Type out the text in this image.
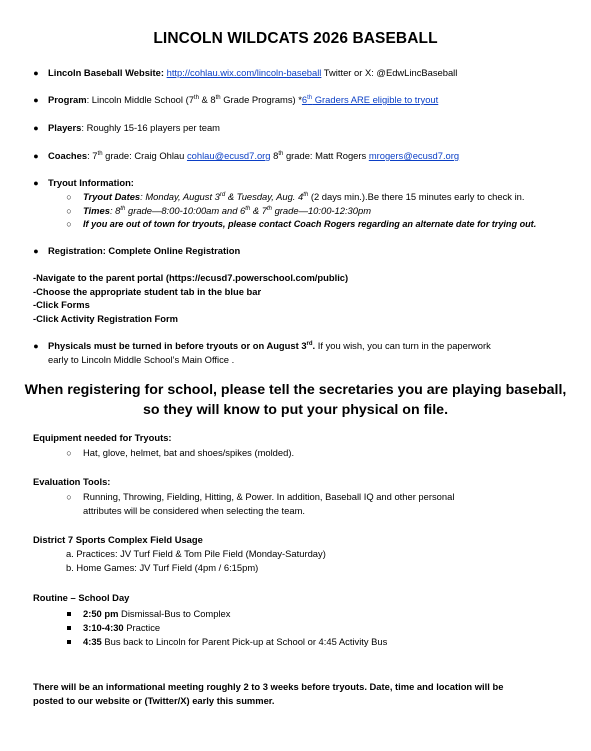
LINCOLN WILDCATS 2026 BASEBALL
● Lincoln Baseball Website: http://cohlau.wix.com/lincoln-baseball Twitter or X: @EdwLincBaseball
● Program: Lincoln Middle School (7th & 8th Grade Programs) *6th Graders ARE eligible to tryout
● Players: Roughly 15-16 players per team
● Coaches: 7th grade: Craig Ohlau cohlau@ecusd7.org 8th grade: Matt Rogers mrogers@ecusd7.org
● Tryout Information:
○ Tryout Dates: Monday, August 3rd & Tuesday, Aug. 4th (2 days min.).Be there 15 minutes early to check in.
○ Times: 8th grade—8:00-10:00am and 6th & 7th grade—10:00-12:30pm
○ If you are out of town for tryouts, please contact Coach Rogers regarding an alternate date for trying out.
● Registration: Complete Online Registration
-Navigate to the parent portal (https://ecusd7.powerschool.com/public)
-Choose the appropriate student tab in the blue bar
-Click Forms
-Click Activity Registration Form
● Physicals must be turned in before tryouts or on August 3rd. If you wish, you can turn in the paperwork
early to Lincoln Middle School’s Main Office .
When registering for school, please tell the secretaries you are playing baseball,
so they will know to put your physical on file.
Equipment needed for Tryouts:
○ Hat, glove, helmet, bat and shoes/spikes (molded).
Evaluation Tools:
○ Running, Throwing, Fielding, Hitting, & Power. In addition, Baseball IQ and other personal
attributes will be considered when selecting the team.
District 7 Sports Complex Field Usage
a. Practices: JV Turf Field & Tom Pile Field (Monday-Saturday)
b. Home Games: JV Turf Field (4pm / 6:15pm)
Routine – School Day
2:50 pm Dismissal-Bus to Complex
3:10-4:30 Practice
4:35 Bus back to Lincoln for Parent Pick-up at School or 4:45 Activity Bus
There will be an informational meeting roughly 2 to 3 weeks before tryouts. Date, time and location will be
posted to our website or (Twitter/X) early this summer.
